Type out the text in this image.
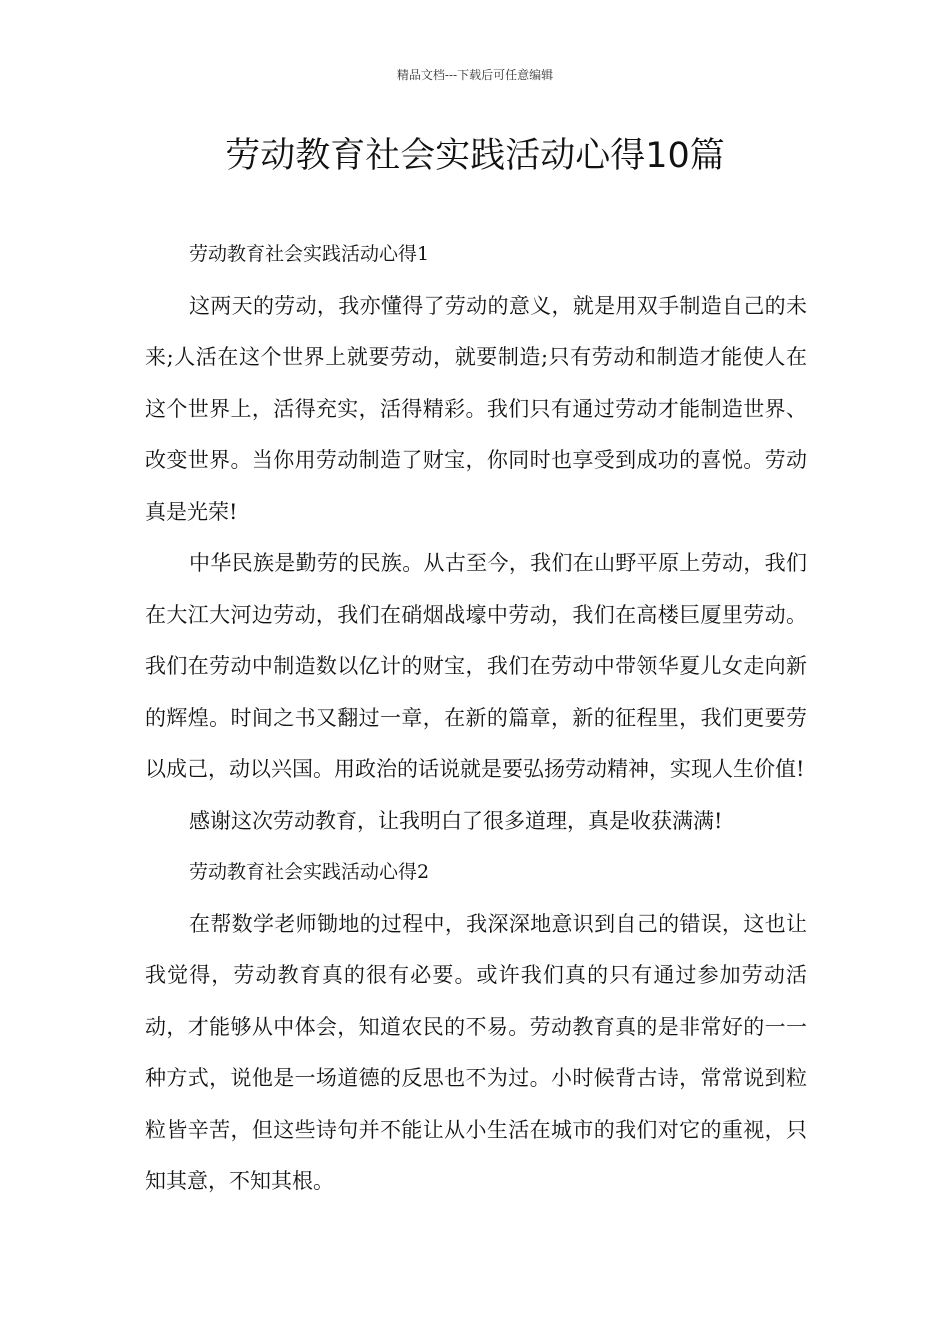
精品文档---下载后可任意编辑
劳动教育社会实践活动心得10篇

劳动教育社会实践活动心得1

这两天的劳动，我亦懂得了劳动的意义，就是用双手制造自己的未来;人活在这个世界上就要劳动，就要制造;只有劳动和制造才能使人在这个世界上，活得充实，活得精彩。我们只有通过劳动才能制造世界、改变世界。当你用劳动制造了财宝，你同时也享受到成功的喜悦。劳动真是光荣!

中华民族是勤劳的民族。从古至今，我们在山野平原上劳动，我们在大江大河边劳动，我们在硝烟战壕中劳动，我们在高楼巨厦里劳动。我们在劳动中制造数以亿计的财宝，我们在劳动中带领华夏儿女走向新的辉煌。时间之书又翻过一章，在新的篇章，新的征程里，我们更要劳以成己，动以兴国。用政治的话说就是要弘扬劳动精神，实现人生价值!

感谢这次劳动教育，让我明白了很多道理，真是收获满满!

劳动教育社会实践活动心得2

在帮数学老师锄地的过程中，我深深地意识到自己的错误，这也让我觉得，劳动教育真的很有必要。或许我们真的只有通过参加劳动活动，才能够从中体会，知道农民的不易。劳动教育真的是非常好的一一种方式，说他是一场道德的反思也不为过。小时候背古诗，常常说到粒粒皆辛苦，但这些诗句并不能让从小生活在城市的我们对它的重视，只知其意，不知其根。
